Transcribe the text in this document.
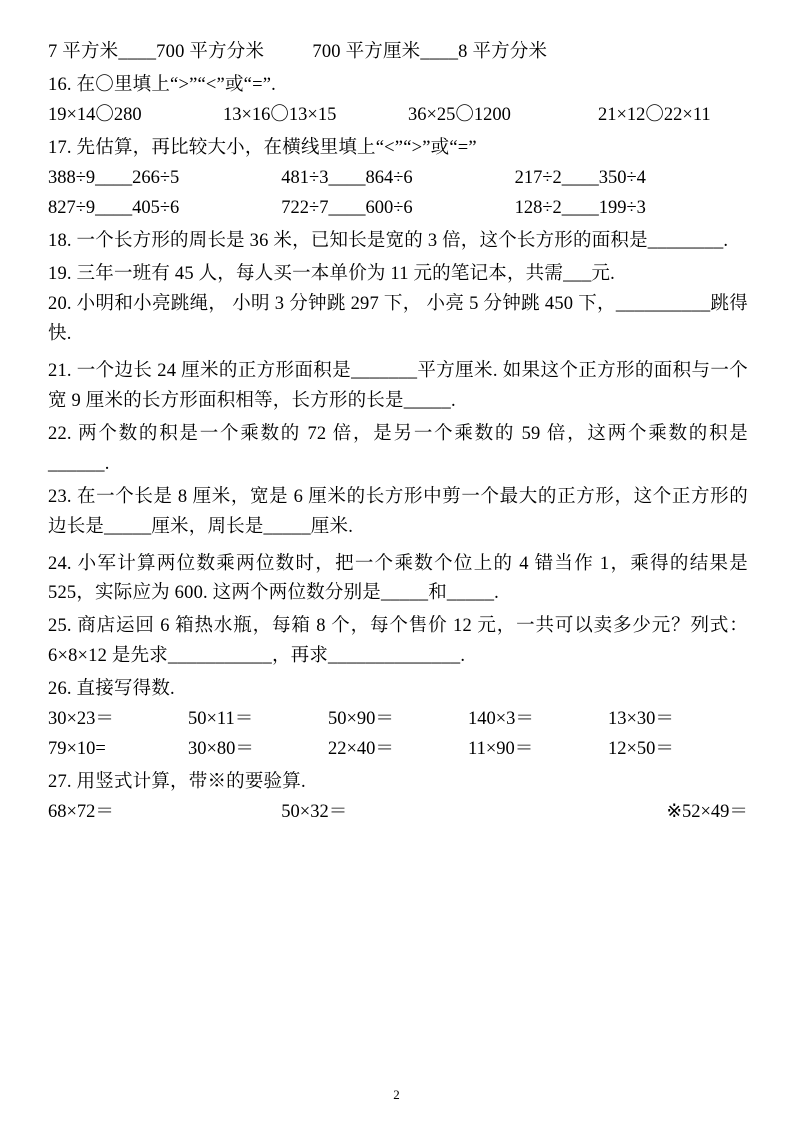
7 平方米____700 平方分米          700 平方厘米____8 平方分米
16. 在〇里填上“>”“<”或“=”.
19×14〇280	13×16〇13×15	36×25〇1200	21×12〇22×11
17. 先估算，再比较大小，在横线里填上“<”“>”或“=”
388÷9____266÷5	481÷3____864÷6	217÷2____350÷4
827÷9____405÷6	722÷7____600÷6	128÷2____199÷3
18. 一个长方形的周长是 36 米，已知长是宽的 3 倍，这个长方形的面积是________.
19. 三年一班有 45 人，每人买一本单价为 11 元的笔记本，共需___元.
20. 小明和小亮跳绳， 小明 3 分钟跳 297 下， 小亮 5 分钟跳 450 下，__________跳得快.
21. 一个边长 24 厘米的正方形面积是_______平方厘米. 如果这个正方形的面积与一个宽 9 厘米的长方形面积相等，长方形的长是_____.
22. 两个数的积是一个乘数的 72 倍，是另一个乘数的 59 倍，这两个乘数的积是______.
23. 在一个长是 8 厘米，宽是 6 厘米的长方形中剪一个最大的正方形，这个正方形的边长是_____厘米，周长是_____厘米.
24. 小军计算两位数乘两位数时，把一个乘数个位上的 4 错当作 1，乘得的结果是 525，实际应为 600. 这两个两位数分别是_____和_____.
25. 商店运回 6 箱热水瓶，每箱 8 个，每个售价 12 元，一共可以卖多少元？列式：6×8×12 是先求___________，再求______________.
26. 直接写得数.
30×23＝	50×11＝	50×90＝	140×3＝	13×30＝
79×10=	30×80＝	22×40＝	11×90＝	12×50＝
27. 用竖式计算，带※的要验算.
68×72＝	50×32＝	※52×49＝
2
